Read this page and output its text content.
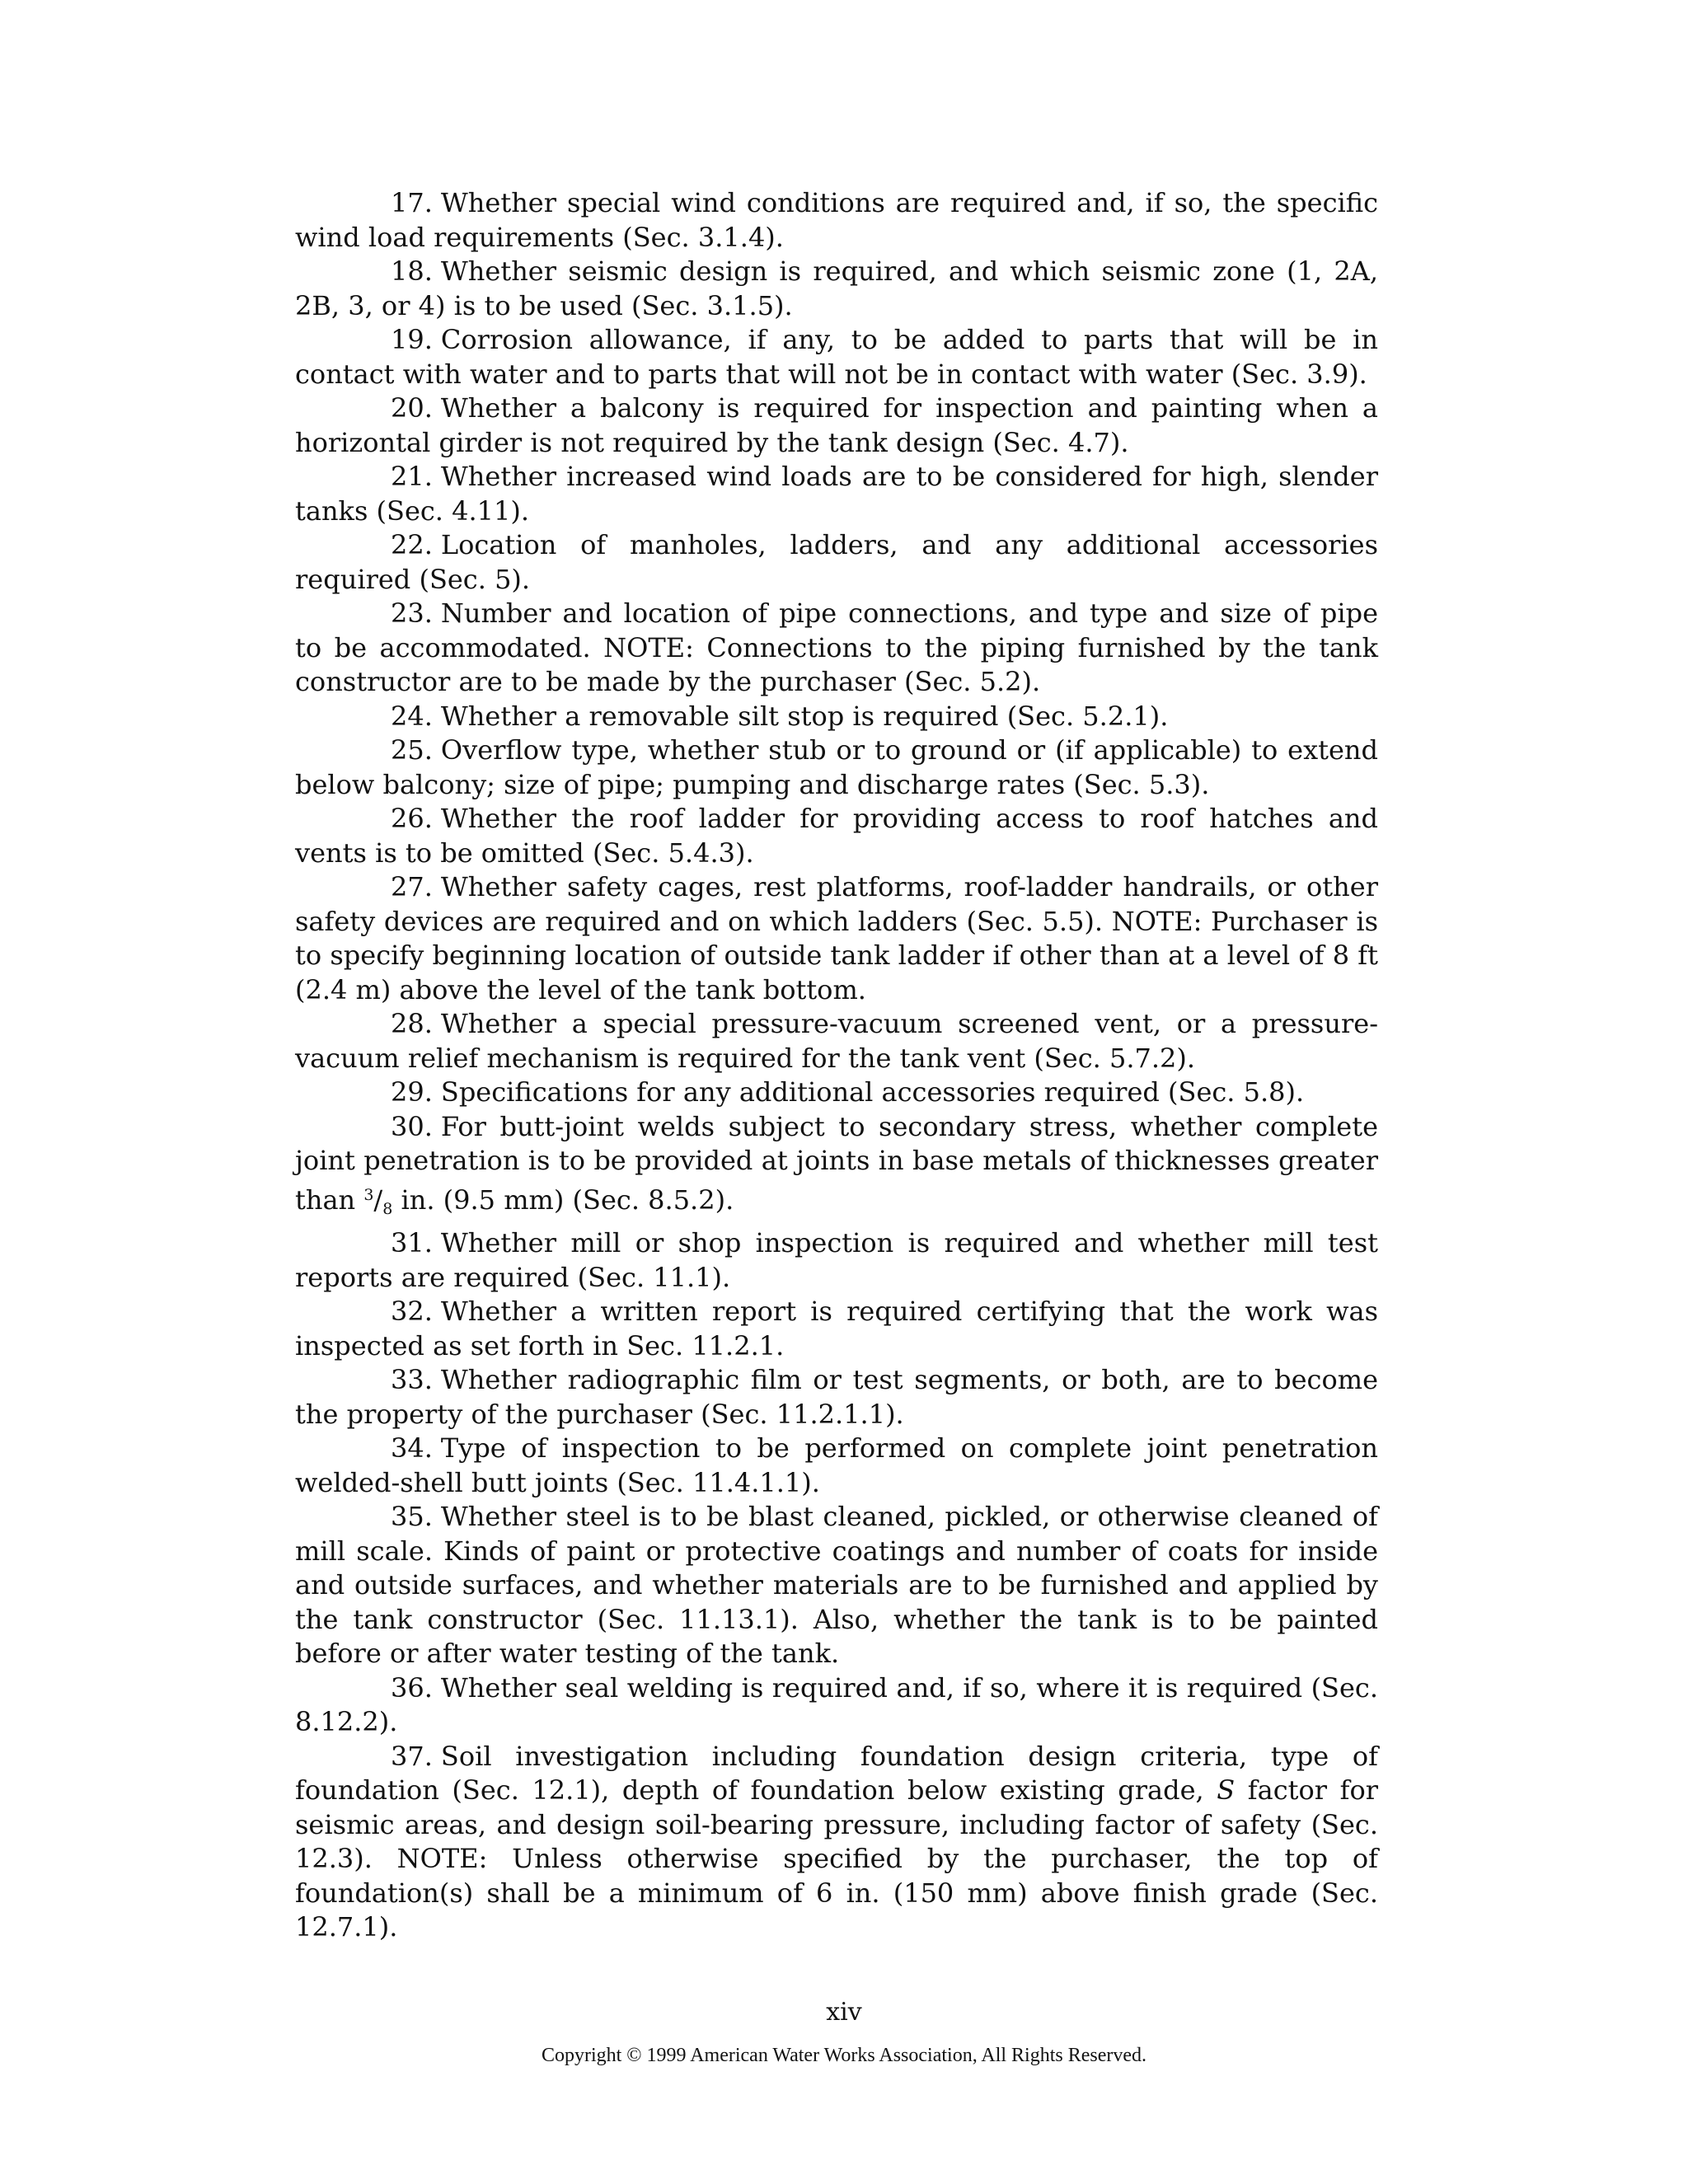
17. Whether special wind conditions are required and, if so, the specific wind load requirements (Sec. 3.1.4).

18. Whether seismic design is required, and which seismic zone (1, 2A, 2B, 3, or 4) is to be used (Sec. 3.1.5).

19. Corrosion allowance, if any, to be added to parts that will be in contact with water and to parts that will not be in contact with water (Sec. 3.9).

20. Whether a balcony is required for inspection and painting when a horizontal girder is not required by the tank design (Sec. 4.7).

21. Whether increased wind loads are to be considered for high, slender tanks (Sec. 4.11).

22. Location of manholes, ladders, and any additional accessories required (Sec. 5).

23. Number and location of pipe connections, and type and size of pipe to be accommodated. NOTE: Connections to the piping furnished by the tank constructor are to be made by the purchaser (Sec. 5.2).

24. Whether a removable silt stop is required (Sec. 5.2.1).

25. Overflow type, whether stub or to ground or (if applicable) to extend below balcony; size of pipe; pumping and discharge rates (Sec. 5.3).

26. Whether the roof ladder for providing access to roof hatches and vents is to be omitted (Sec. 5.4.3).

27. Whether safety cages, rest platforms, roof-ladder handrails, or other safety devices are required and on which ladders (Sec. 5.5). NOTE: Purchaser is to specify beginning location of outside tank ladder if other than at a level of 8 ft (2.4 m) above the level of the tank bottom.

28. Whether a special pressure-vacuum screened vent, or a pressure-vacuum relief mechanism is required for the tank vent (Sec. 5.7.2).

29. Specifications for any additional accessories required (Sec. 5.8).

30. For butt-joint welds subject to secondary stress, whether complete joint penetration is to be provided at joints in base metals of thicknesses greater than $^3$/8 in. (9.5 mm) (Sec. 8.5.2).

31. Whether mill or shop inspection is required and whether mill test reports are required (Sec. 11.1).

32. Whether a written report is required certifying that the work was inspected as set forth in Sec. 11.2.1.

33. Whether radiographic film or test segments, or both, are to become the property of the purchaser (Sec. 11.2.1.1).

34. Type of inspection to be performed on complete joint penetration welded-shell butt joints (Sec. 11.4.1.1).

35. Whether steel is to be blast cleaned, pickled, or otherwise cleaned of mill scale. Kinds of paint or protective coatings and number of coats for inside and outside surfaces, and whether materials are to be furnished and applied by the tank constructor (Sec. 11.13.1). Also, whether the tank is to be painted before or after water testing of the tank.

36. Whether seal welding is required and, if so, where it is required (Sec. 8.12.2).

37. Soil investigation including foundation design criteria, type of foundation (Sec. 12.1), depth of foundation below existing grade, S factor for seismic areas, and design soil-bearing pressure, including factor of safety (Sec. 12.3). NOTE: Unless otherwise specified by the purchaser, the top of foundation(s) shall be a minimum of 6 in. (150 mm) above finish grade (Sec. 12.7.1).

xiv
Copyright © 1999 American Water Works Association, All Rights Reserved.
